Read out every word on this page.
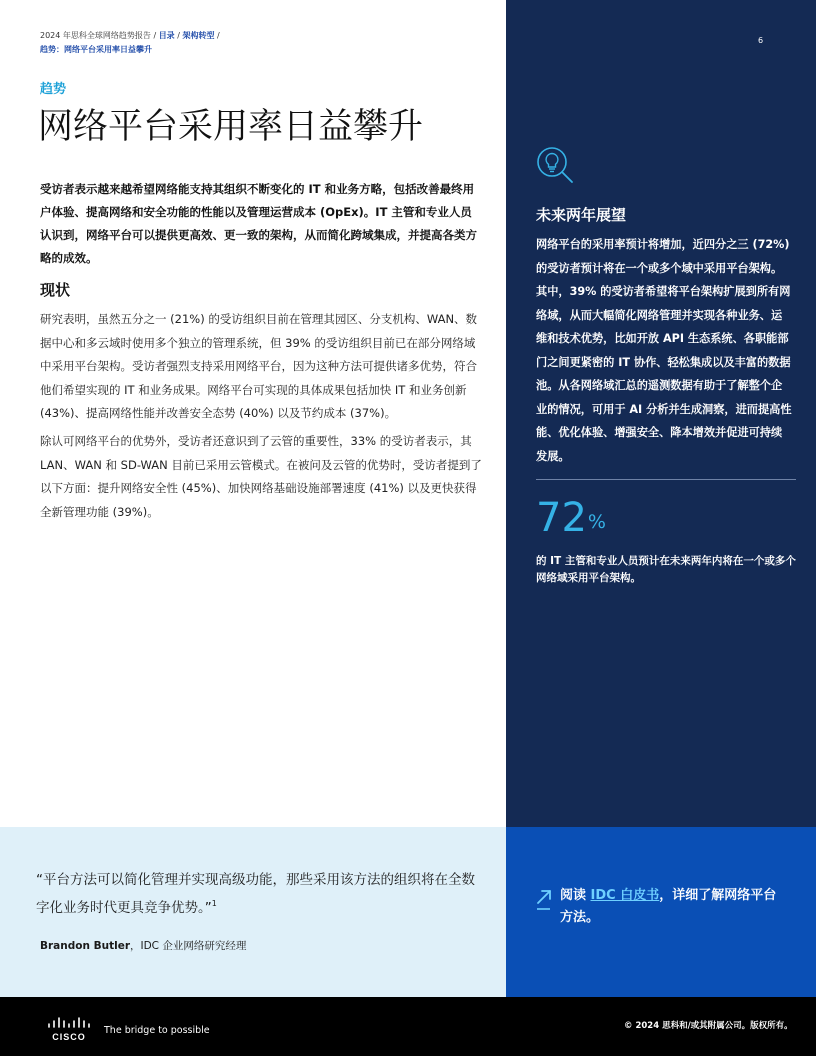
2024 年思科全球网络趋势报告 / 目录 / 架构转型 /
趋势：网络平台采用率日益攀升
趋势
网络平台采用率日益攀升

受访者表示越来越希望网络能支持其组织不断变化的 IT 和业务方略，包括改善最终用户体验、提高网络和安全功能的性能以及管理运营成本 (OpEx)。IT 主管和专业人员认识到，网络平台可以提供更高效、更一致的架构，从而简化跨域集成，并提高各类方略的成效。

现状

研究表明，虽然五分之一 (21%) 的受访组织目前在管理其园区、分支机构、WAN、数据中心和多云域时使用多个独立的管理系统，但 39% 的受访组织目前已在部分网络域中采用平台架构。受访者强烈支持采用网络平台，因为这种方法可提供诸多优势，符合他们希望实现的 IT 和业务成果。网络平台可实现的具体成果包括加快 IT 和业务创新 (43%)、提高网络性能并改善安全态势 (40%) 以及节约成本 (37%)。

除认可网络平台的优势外，受访者还意识到了云管的重要性，33% 的受访者表示，其 LAN、WAN 和 SD-WAN 目前已采用云管模式。在被问及云管的优势时，受访者提到了以下方面：提升网络安全性 (45%)、加快网络基础设施部署速度 (41%) 以及更快获得全新管理功能 (39%)。

6
未来两年展望

网络平台的采用率预计将增加，近四分之三 (72%) 的受访者预计将在一个或多个域中采用平台架构。其中，39% 的受访者希望将平台架构扩展到所有网络域，从而大幅简化网络管理并实现各种业务、运维和技术优势，比如开放 API 生态系统、各职能部门之间更紧密的 IT 协作、轻松集成以及丰富的数据池。从各网络域汇总的遥测数据有助于了解整个企业的情况，可用于 AI 分析并生成洞察，进而提高性能、优化体验、增强安全、降本增效并促进可持续发展。

72%

的 IT 主管和专业人员预计在未来两年内将在一个或多个网络域采用平台架构。

“平台方法可以简化管理并实现高级功能，那些采用该方法的组织将在全数字化业务时代更具竞争优势。”$^1$

Brandon Butler，IDC 企业网络研究经理

阅读 IDC 白皮书，详细了解网络平台方法。

CISCO
The bridge to possible	© 2024 思科和/或其附属公司。版权所有。
